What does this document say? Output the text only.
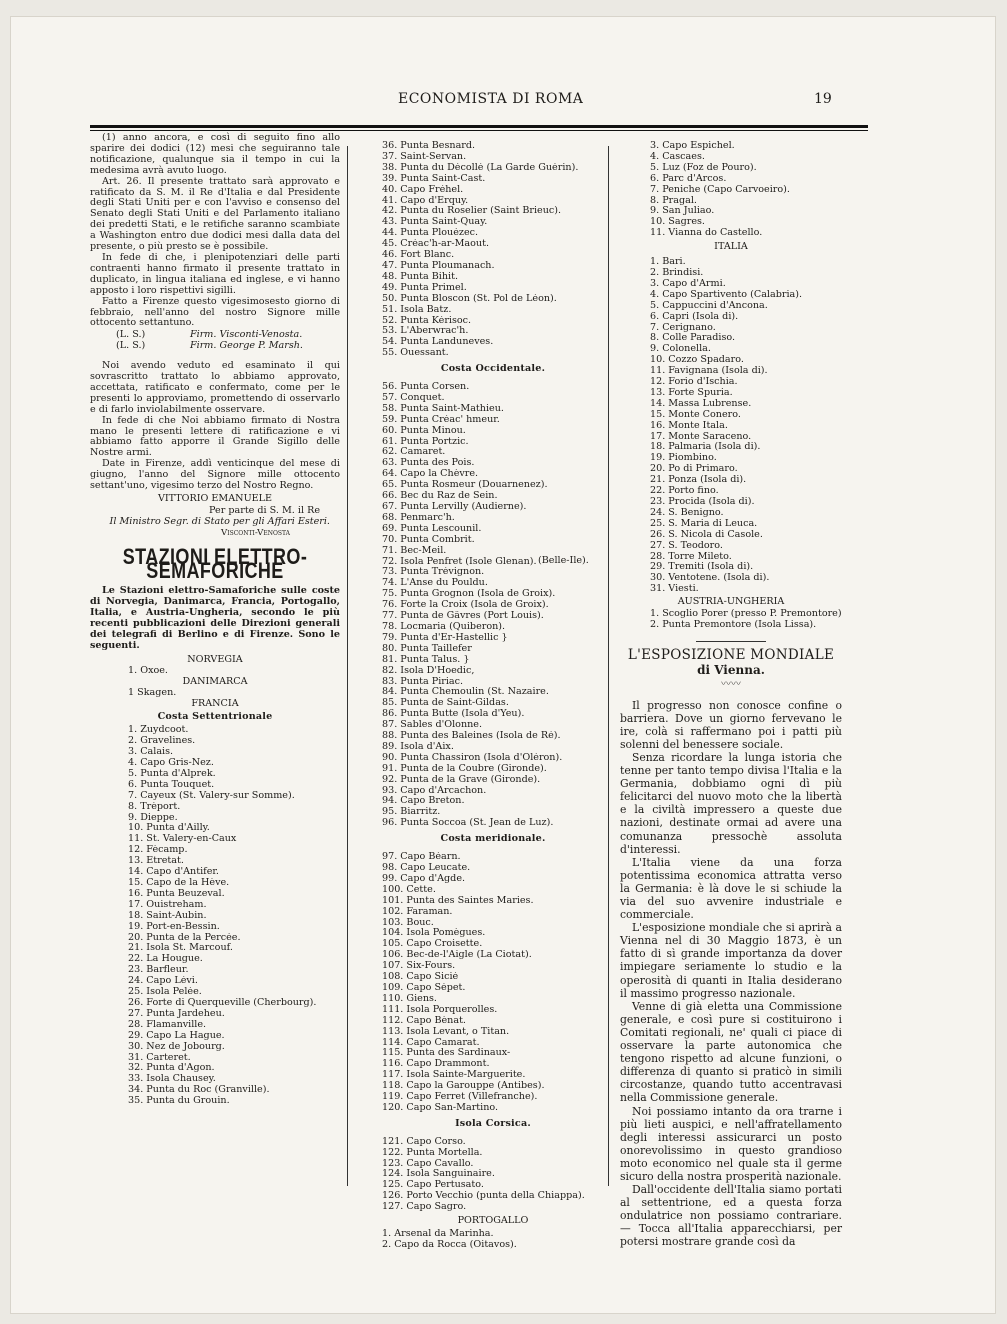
ECONOMISTA DI ROMA	19

(1) anno ancora, e così di seguito fino allo sparire dei dodici (12) mesi che seguiranno tale notificazione, qualunque sia il tempo in cui la medesima avrà avuto luogo.

Art. 26. Il presente trattato sarà approvato e ratificato da S. M. il Re d'Italia e dal Presidente degli Stati Uniti per e con l'avviso e consenso del Senato degli Stati Uniti e del Parlamento italiano dei predetti Stati, e le retifiche saranno scambiate a Washington entro due dodici mesi dalla data del presente, o più presto se è possibile.

In fede di che, i plenipotenziari delle parti contraenti hanno firmato il presente trattato in duplicato, in lingua italiana ed inglese, e vi hanno apposto i loro rispettivi sigilli.

Fatto a Firenze questo vigesimosesto giorno di febbraio, nell'anno del nostro Signore mille ottocento settantuno.

(L. S.)	Firm. Visconti-Venosta.
(L. S.)	Firm. George P. Marsh.

Noi avendo veduto ed esaminato il qui sovrascritto trattato lo abbiamo approvato, accettata, ratificato e confermato, come per le presenti lo approviamo, promettendo di osservarlo e di farlo inviolabilmente osservare.

In fede di che Noi abbiamo firmato di Nostra mano le presenti lettere di ratificazione e vi abbiamo fatto apporre il Grande Sigillo delle Nostre armi.

Date in Firenze, addì venticinque del mese di giugno, l'anno del Signore mille ottocento settant'uno, vigesimo terzo del Nostro Regno.

VITTORIO EMANUELE
Per parte di S. M. il Re
Il Ministro Segr. di Stato per gli Affari Esteri.
Visconti-Venosta
STAZIONI ELETTRO-SEMAFORICHE

Le Stazioni elettro-Samaforiche sulle coste di Norvegia, Danimarca, Francia, Portogallo, Italia, e Austria-Ungheria, secondo le più recenti pubblicazioni delle Direzioni generali dei telegrafi di Berlino e di Firenze. Sono le seguenti.

NORVEGIA
1. Oxoe.
DANIMARCA
1 Skagen.
FRANCIA
Costa Settentrionale
1. Zuydcoot.
2. Gravelines.
3. Calais.
4. Capo Gris-Nez.
5. Punta d'Alprek.
6. Punta Touquet.
7. Cayeux (St. Valery-sur Somme).
8. Trèport.
9. Dieppe.
10. Punta d'Ailly.
11. St. Valery-en-Caux
12. Fècamp.
13. Etretat.
14. Capo d'Antifer.
15. Capo de la Hève.
16. Punta Beuzeval.
17. Ouistreham.
18. Saint-Aubin.
19. Port-en-Bessin.
20. Punta de la Percée.
21. Isola St. Marcouf.
22. La Hougue.
23. Barfleur.
24. Capo Lévi.
25. Isola Pelée.
26. Forte di Querqueville (Cherbourg).
27. Punta Jardeheu.
28. Flamanville.
29. Capo La Hague.
30. Nez de Jobourg.
31. Carteret.
32. Punta d'Agon.
33. Isola Chausey.
34. Punta du Roc (Granville).
35. Punta du Grouin.
36. Punta Besnard.
37. Saint-Servan.
38. Punta du Décollé (La Garde Guérin).
39. Punta Saint-Cast.
40. Capo Fréhel.
41. Capo d'Erquy.
42. Punta du Roselier (Saint Brieuc).
43. Punta Saint-Quay.
44. Punta Plouézec.
45. Créac'h-ar-Maout.
46. Fort Blanc.
47. Punta Ploumanach.
48. Punta Bihit.
49. Punta Primel.
50. Punta Bloscon (St. Pol de Léon).
51. Isola Batz.
52. Punta Kérisoc.
53. L'Aberwrac'h.
54. Punta Landuneves.
55. Ouessant.
Costa Occidentale.
56. Punta Corsen.
57. Conquet.
58. Punta Saint-Mathieu.
59. Punta Créac' hmeur.
60. Punta Minou.
61. Punta Portzic.
62. Camaret.
63. Punta des Pois.
64. Capo la Chèvre.
65. Punta Rosmeur (Douarnenez).
66. Bec du Raz de Sein.
67. Punta Lervilly (Audierne).
68. Penmarc'h.
69. Punta Lescounil.
70. Punta Combrit.
71. Bec-Meil.
72. Isola Penfret (Isole Glenan).
73. Punta Trévignon.
74. L'Anse du Pouldu.
75. Punta Grognon (Isola de Groix).
76. Forte la Croix (Isola de Groix).
77. Punta de Gâvres (Port Louis).
78. Locmaria (Quiberon).
79. Punta d'Er-Hastellic }
80. Punta Taillefer
81. Punta Talus. }
82. Isola D'Hoedic,
83. Punta Piriac.
84. Punta Chemoulin (St. Nazaire.
85. Punta de Saint-Gildas.
86. Punta Butte (Isola d'Yeu).
87. Sables d'Olonne.
88. Punta des Baleines (Isola de Ré).
89. Isola d'Aix.
90. Punta Chassiron (Isola d'Oléron).
91. Punta de la Coubre (Gironde).
92. Punta de la Grave (Gironde).
93. Capo d'Arcachon.
94. Capo Breton.
95. Biarritz.
96. Punta Soccoa (St. Jean de Luz).
(Belle-Ile).
Costa meridionale.
97. Capo Béarn.
98. Capo Leucate.
99. Capo d'Agde.
100. Cette.
101. Punta des Saintes Maries.
102. Faraman.
103. Bouc.
104. Isola Pomègues.
105. Capo Croisette.
106. Bec-de-l'Aigle (La Ciotat).
107. Six-Fours.
108. Capo Sicié
109. Capo Sépet.
110. Giens.
111. Isola Porquerolles.
112. Capo Bènat.
113. Isola Levant, o Titan.
114. Capo Camarat.
115. Punta des Sardinaux-
116. Capo Drammont.
117. Isola Sainte-Marguerite.
118. Capo la Garouppe (Antibes).
119. Capo Ferret (Villefranche).
120. Capo San-Martino.
Isola Corsica.
121. Capo Corso.
122. Punta Mortella.
123. Capo Cavallo.
124. Isola Sanguinaire.
125. Capo Pertusato.
126. Porto Vecchio (punta della Chiappa).
127. Capo Sagro.
PORTOGALLO
1. Arsenal da Marinha.
2. Capo da Rocca (Oitavos).
3. Capo Espichel.
4. Cascaes.
5. Luz (Foz de Pouro).
6. Parc d'Arcos.
7. Peniche (Capo Carvoeiro).
8. Pragal.
9. San Juliao.
10. Sagres.
11. Vianna do Castello.
ITALIA
1. Bari.
2. Brindisi.
3. Capo d'Armi.
4. Capo Spartivento (Calabria).
5. Cappuccini d'Ancona.
6. Capri (Isola di).
7. Cerignano.
8. Colle Paradiso.
9. Colonella.
10. Cozzo Spadaro.
11. Favignana (Isola di).
12. Forio d'Ischia.
13. Forte Spuria.
14. Massa Lubrense.
15. Monte Conero.
16. Monte Itala.
17. Monte Saraceno.
18. Palmaria (Isola di).
19. Piombino.
20. Po di Primaro.
21. Ponza (Isola di).
22. Porto fino.
23. Procida (Isola di).
24. S. Benigno.
25. S. Maria di Leuca.
26. S. Nicola di Casole.
27. S. Teodoro.
28. Torre Mileto.
29. Tremiti (Isola di).
30. Ventotene. (Isola di).
31. Viesti.
AUSTRIA-UNGHERIA
1. Scoglio Porer (presso P. Premontore)
2. Punta Premontore (Isola Lissa).
L'ESPOSIZIONE MONDIALE
di Vienna.
〰〰

Il progresso non conosce confine o barriera. Dove un giorno fervevano le ire, colà si raffermano poi i patti più solenni del benessere sociale.

Senza ricordare la lunga istoria che tenne per tanto tempo divisa l'Italia e la Germania, dobbiamo ogni dì più felicitarci del nuovo moto che la libertà e la civiltà impressero a queste due nazioni, destinate ormai ad avere una comunanza pressochè assoluta d'interessi.

L'Italia viene da una forza potentissima economica attratta verso la Germania: è là dove le si schiude la via del suo avvenire industriale e commerciale.

L'esposizione mondiale che si aprirà a Vienna nel di 30 Maggio 1873, è un fatto di sì grande importanza da dover impiegare seriamente lo studio e la operosità di quanti in Italia desiderano il massimo progresso nazionale.

Venne di già eletta una Commissione generale, e così pure si costituirono i Comitati regionali, ne' quali ci piace di osservare la parte autonomica che tengono rispetto ad alcune funzioni, o differenza di quanto si praticò in simili circostanze, quando tutto accentravasi nella Commissione generale.

Noi possiamo intanto da ora trarne i più lieti auspici, e nell'affratellamento degli interessi assicurarci un posto onorevolissimo in questo grandioso moto economico nel quale sta il germe sicuro della nostra prosperità nazionale.

Dall'occidente dell'Italia siamo portati al settentrione, ed a questa forza ondulatrice non possiamo contrariare. — Tocca all'Italia apparecchiarsi, per potersi mostrare grande così da
